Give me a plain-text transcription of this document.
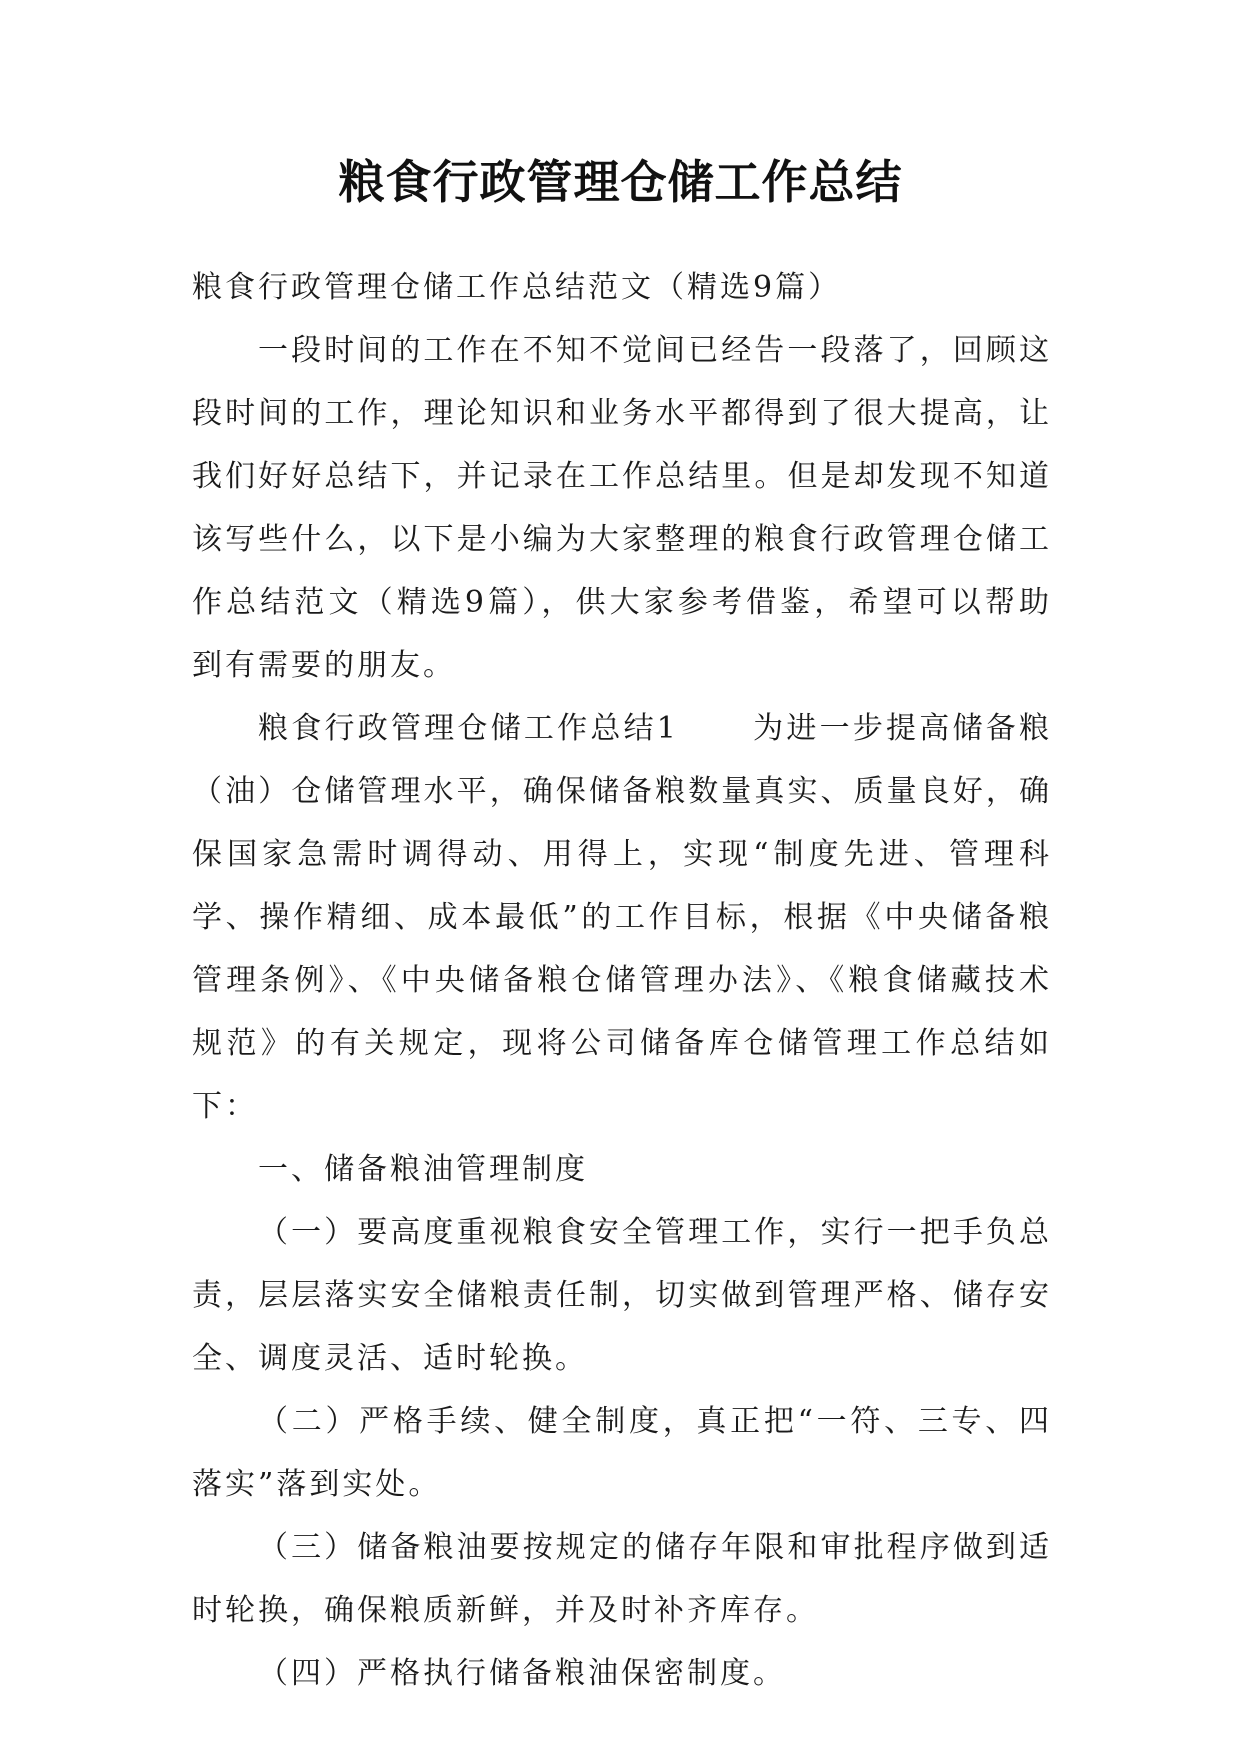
粮食行政管理仓储工作总结

粮食行政管理仓储工作总结范文（精选9篇）

一段时间的工作在不知不觉间已经告一段落了，回顾这段时间的工作，理论知识和业务水平都得到了很大提高，让我们好好总结下，并记录在工作总结里。但是却发现不知道该写些什么，以下是小编为大家整理的粮食行政管理仓储工作总结范文（精选9篇），供大家参考借鉴，希望可以帮助到有需要的朋友。

粮食行政管理仓储工作总结1 为进一步提高储备粮（油）仓储管理水平，确保储备粮数量真实、质量良好，确保国家急需时调得动、用得上，实现“制度先进、管理科学、操作精细、成本最低”的工作目标，根据《中央储备粮管理条例》、《中央储备粮仓储管理办法》、《粮食储藏技术规范》的有关规定，现将公司储备库仓储管理工作总结如下：

一、储备粮油管理制度

（一）要高度重视粮食安全管理工作，实行一把手负总责，层层落实安全储粮责任制，切实做到管理严格、储存安全、调度灵活、适时轮换。

（二）严格手续、健全制度，真正把“一符、三专、四落实”落到实处。

（三）储备粮油要按规定的储存年限和审批程序做到适时轮换，确保粮质新鲜，并及时补齐库存。

（四）严格执行储备粮油保密制度。
